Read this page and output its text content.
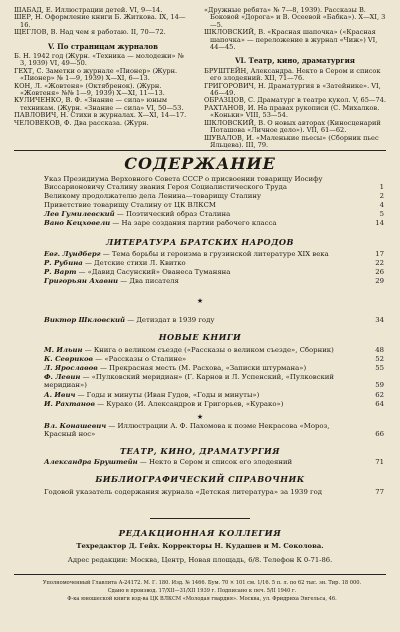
ШАБАД, Е. Иллюстрации детей. VI, 9—14.

ШЕР, Н. Оформление книги Б. Житкова. IX, 14—16.

ЩЕГЛОВ, В. Над чем я работаю. II, 70—72.

V. По страницам журналов

Б. Н. 1942 год (Журн. «Техника — молодежи» № 3, 1939) VI, 49—50.

ГЕХТ, С. Заметки о журнале «Пионер» (Журн. «Пионер» № 1—9, 1939) X—XI, 6—13.

КОН, Л. «Жовтеня» (Октябренок). (Журн. «Жовтеня» №№ 1—9, 1939) X—XI, 11—13.

КУЛИЧЕНКО, В. Ф. «Знание — сила» юным техникам. (Журн. «Знание — сила» VI, 50—53.

ПАВЛОВИЧ, Н. Стихи в журналах. X—XI, 14—17.

ЧЕЛОВЕКОВ, Ф. Два рассказа. (Журн.

«Дружные ребята» № 7—8, 1939). Рассказы В. Боковой «Дорога» и В. Осеевой «Бабка»). X—XI, 3—5.

ШКЛОВСКИЙ, В. «Красная шапочка» («Красная шапочка» — переложение в журнал «Чиж») VI, 44—45.

VI. Театр, кино, драматургия

БРУШТЕЙН, Александра. Некто в Сером и список его злодеяний. XII, 71—76.

ГРИГОРОВИЧ, Н. Драматургия в «Затейнике». VI, 46—49.

ОБРАЗЦОВ, С. Драматург в театре кукол. V, 65—74.

РАХТАНОВ, И. На правах рукописи (С. Михалков. «Коньки» VIII, 53—54.

ШКЛОВСКИЙ, В. О новых авторах (Киносценарий Поташова «Личное дело»). VII, 61—62.

ШУВАЛОВ, И. «Маленькие пьесы» (Сборник пьес Яльцева). III, 79.

СОДЕРЖАНИЕ
Указ Президиума Верховного Совета СССР о присвоении товарищу Иосифу Виссарионовичу Сталину звания Героя Социалистического Труда	1
Великому продолжателю дела Ленина—товарищу Сталину	2
Приветствие товарищу Сталину от ЦК ВЛКСМ	4
Лев Гумилевский — Поэтический образ Сталина	5
Вано Кецховели — На заре создания партии рабочего класса	14
ЛИТЕРАТУРА БРАТСКИХ НАРОДОВ
Евг. Лундберг — Тема борьбы и героизма в грузинской литературе XIX века	17
Р. Рубина — Детские стихи Л. Квитко	22
Р. Варт — «Давид Сасунский» Ованеса Туманяна	26
Григорьян Ахавни — Два писателя	29
★
Виктор Шкловский — Детиздат в 1939 году	34
НОВЫЕ КНИГИ
М. Ильин — Книга о великом съезде («Рассказы о великом съезде», Сборник)	48
К. Севриков — «Рассказы о Сталине»	52
Л. Ярославов — Прекрасная месть (М. Расхова, «Записки штурмана»)	55
Ф. Левин — «Пулковский меридиан» (Г. Карнов и Л. Успенский, «Пулковский меридиан»)	59
А. Ивич — Годы и минуты (Иван Гудов, «Годы и минуты»)	62
И. Рахтанов — Курако (И. Александров и Григорьев, «Курако»)	64
★
Вл. Конашевич — Иллюстрации А. Ф. Пахомова к поэме Некрасова «Мороз, Красный нос»	66
ТЕАТР, КИНО, ДРАМАТУРГИЯ
Александра Бруштейн — Некто в Сером и список его злодеяний	71
БИБЛИОГРАФИЧЕСКИЙ СПРАВОЧНИК
Годовой указатель содержания журнала «Детская литература» за 1939 год	77
РЕДАКЦИОННАЯ КОЛЛЕГИЯ
Техредактор Д. Гейх. Корректоры Н. Кудашев и М. Соколова.
Адрес редакции: Москва, Центр, Новая площадь, 6/8. Телефон К 0-71-86.
Уполномоченный Главлита А-24172. М. Г. 180. Изд. № 1466. Бум. 70 × 101 см. 1/16. 5 п. л. по 62 тыс. зн. Тир. 18 000.
Сдано в производ. 17/XII—31/XII 1939 г. Подписано к печ. 5/II 1940 г.
Ф-ка юношеской книги изд-ва ЦК ВЛКСМ «Молодая гвардия». Москва, ул. Фридриха Энгельса, 46.
